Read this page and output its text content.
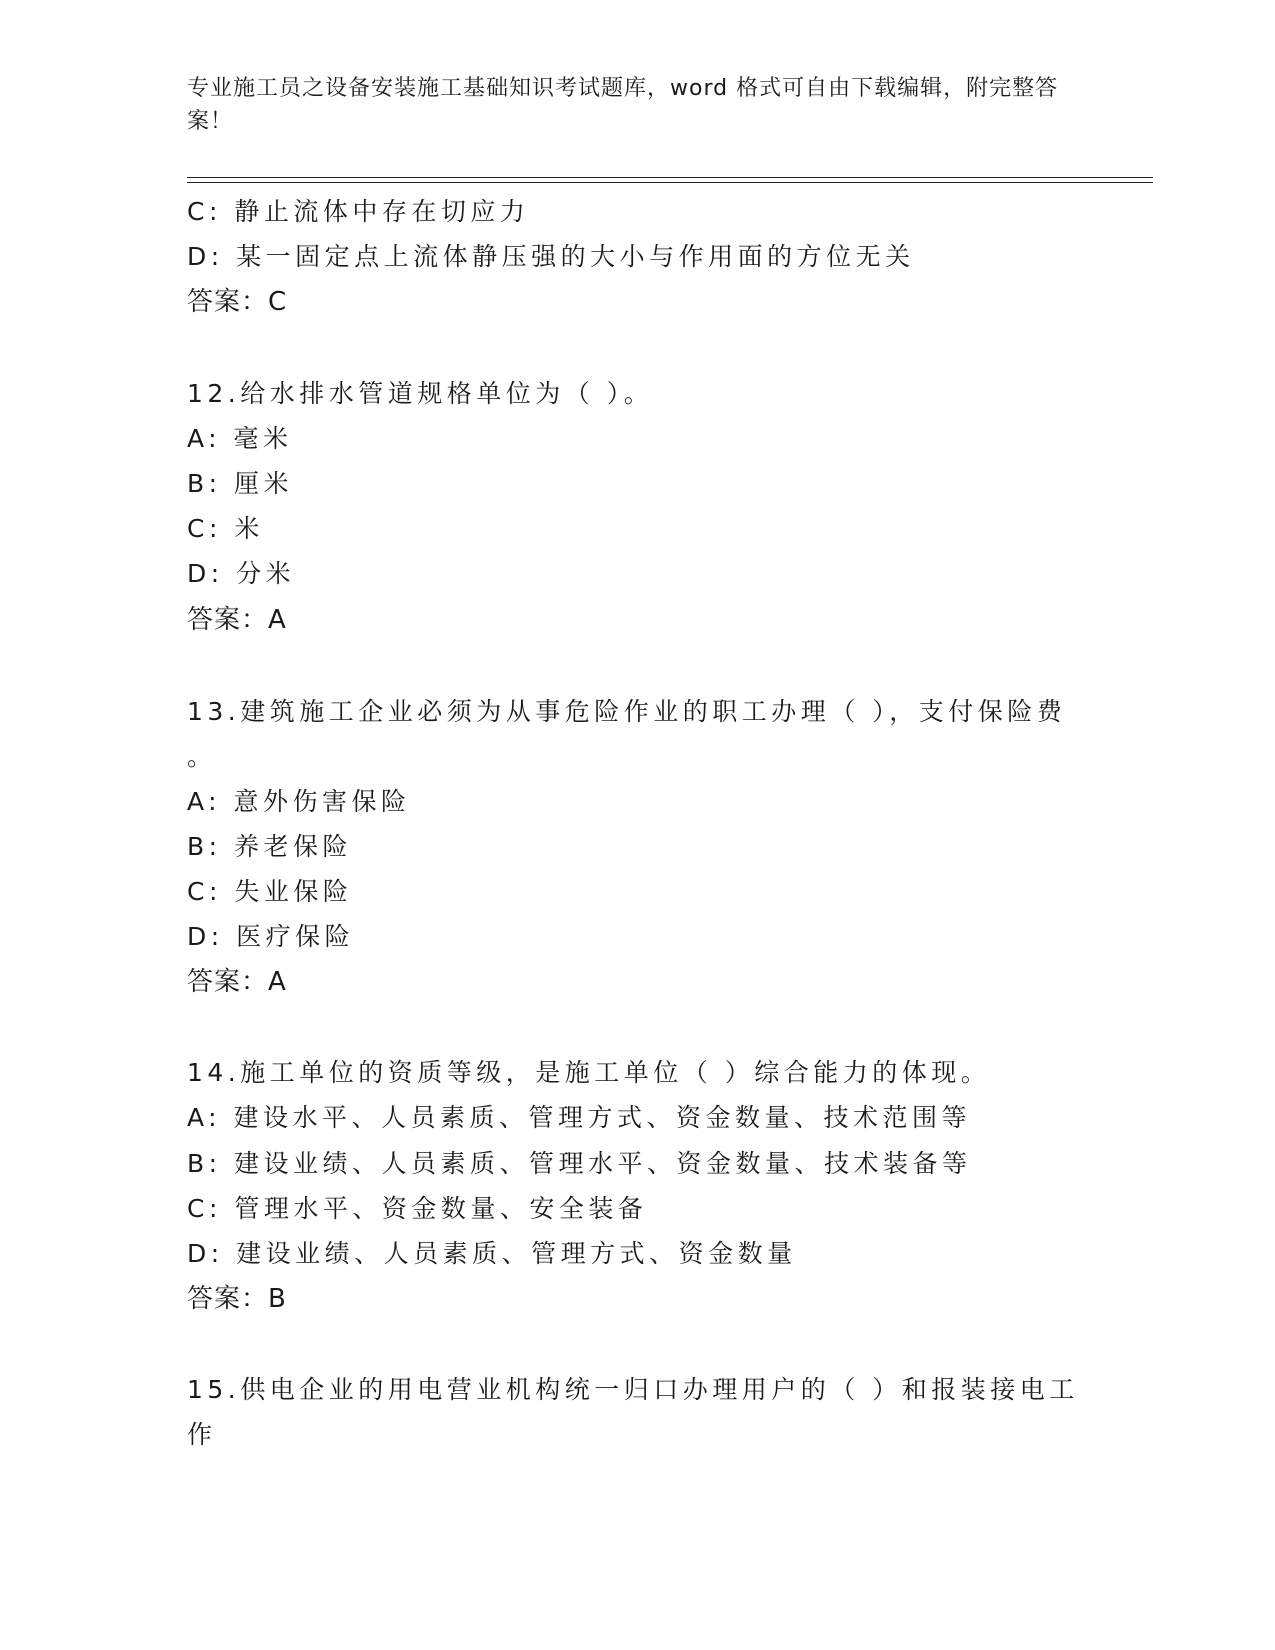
专业施工员之设备安装施工基础知识考试题库，word 格式可自由下载编辑，附完整答案！
C: 静止流体中存在切应力
D: 某一固定点上流体静压强的大小与作用面的方位无关
答案：C
12.给水排水管道规格单位为（ ）。
A: 毫米
B: 厘米
C: 米
D: 分米
答案：A
13.建筑施工企业必须为从事危险作业的职工办理（ ），支付保险费
。
A: 意外伤害保险
B: 养老保险
C: 失业保险
D: 医疗保险
答案：A
14.施工单位的资质等级，是施工单位（ ）综合能力的体现。
A: 建设水平、人员素质、管理方式、资金数量、技术范围等
B: 建设业绩、人员素质、管理水平、资金数量、技术装备等
C: 管理水平、资金数量、安全装备
D: 建设业绩、人员素质、管理方式、资金数量
答案：B
15.供电企业的用电营业机构统一归口办理用户的（ ）和报装接电工
作
